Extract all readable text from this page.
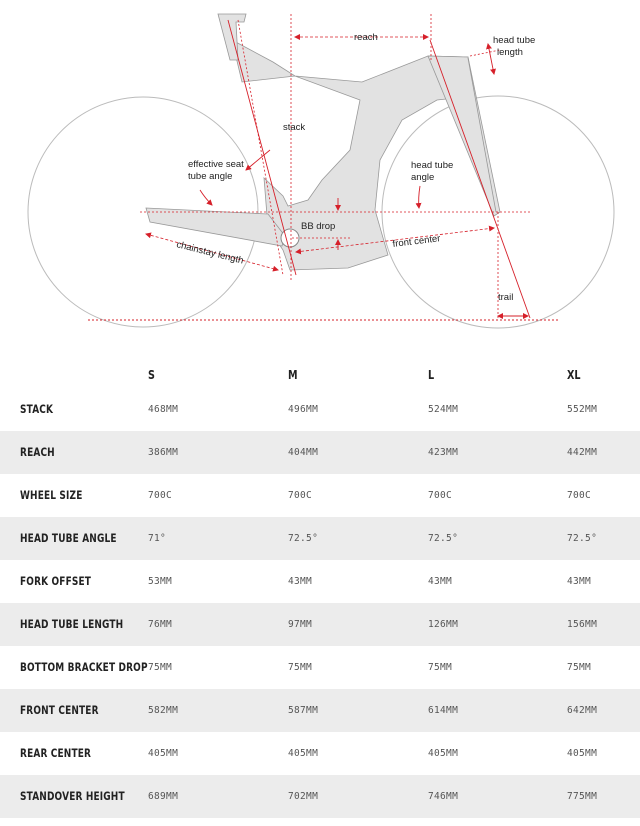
reach	head tube
length
stack
effective seat
tube angle
head tube
angle
BB drop
front center
chainstay length
trail
S	M	L	XL
STACK	468MM	496MM	524MM	552MM
REACH	386MM	404MM	423MM	442MM
WHEEL SIZE	700C	700C	700C	700C
HEAD TUBE ANGLE	71°	72.5°	72.5°	72.5°
FORK OFFSET	53MM	43MM	43MM	43MM
HEAD TUBE LENGTH	76MM	97MM	126MM	156MM
BOTTOM BRACKET DROP 75MM	75MM	75MM	75MM
FRONT CENTER	582MM	587MM	614MM	642MM
REAR CENTER	405MM	405MM	405MM	405MM
STANDOVER HEIGHT 689MM	702MM	746MM	775MM
